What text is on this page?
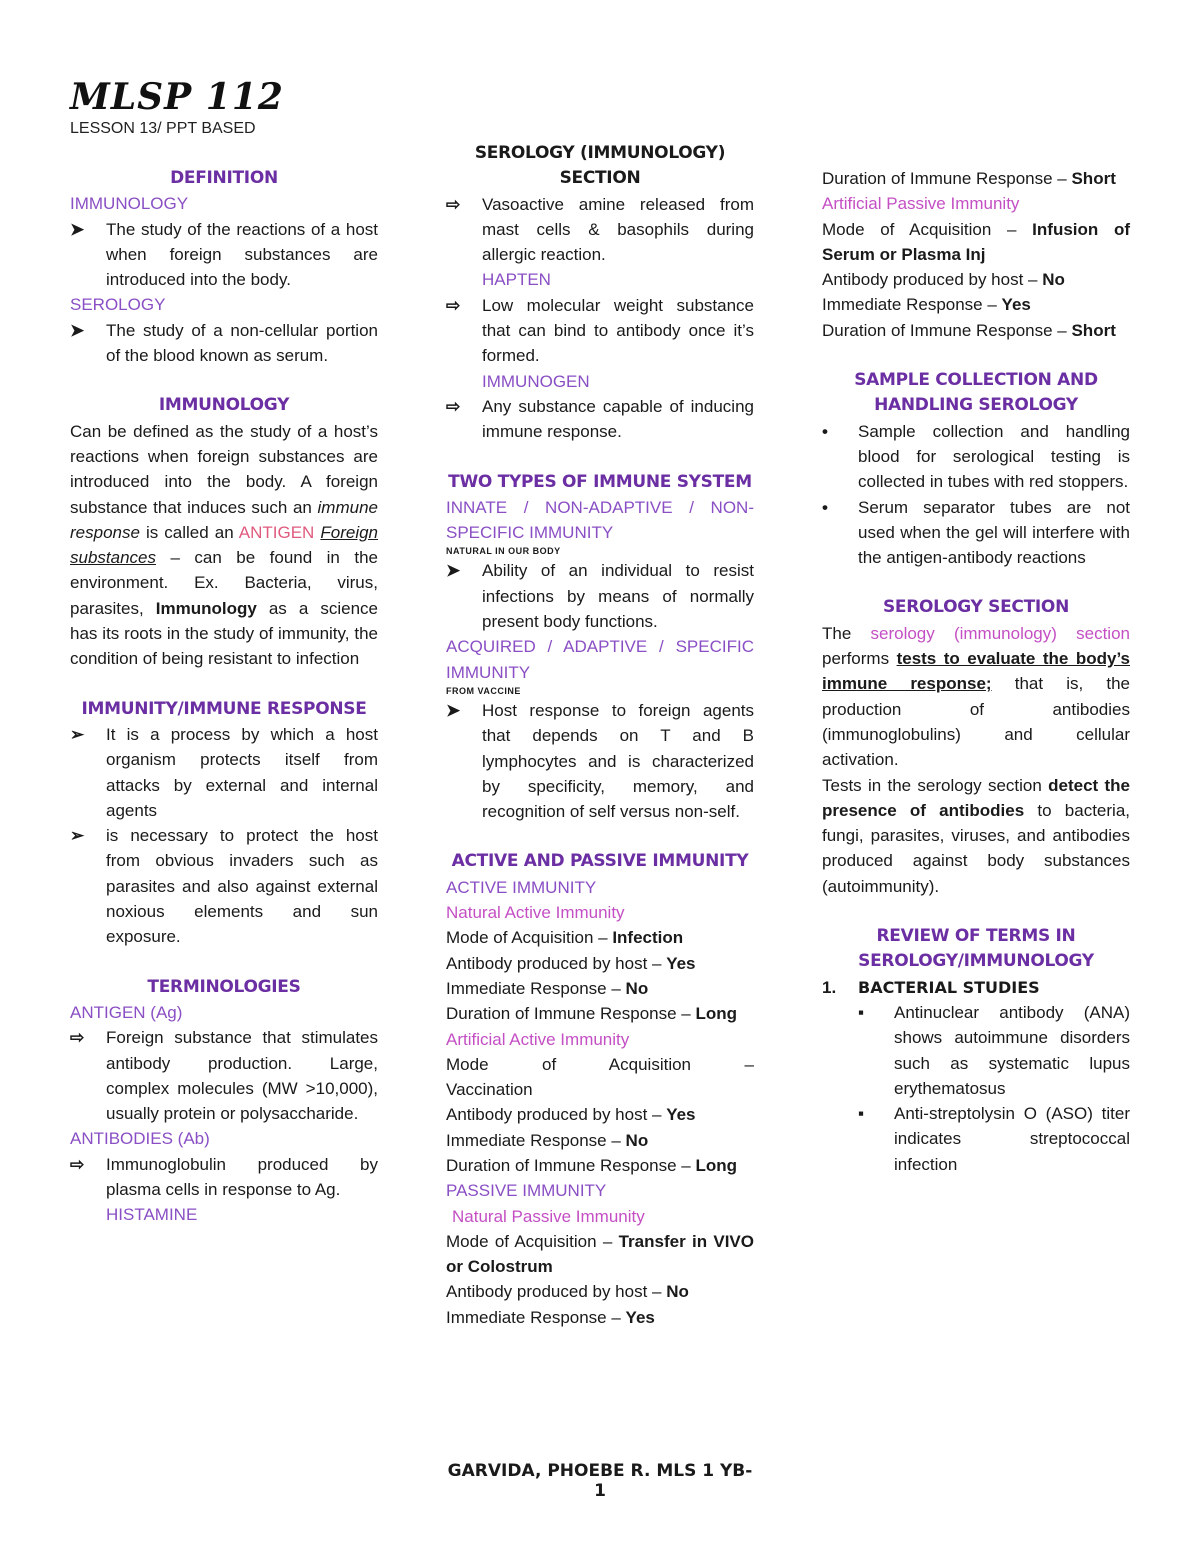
MLSP 112
LESSON 13/ PPT BASED
DEFINITION
IMMUNOLOGY
➤	The study of the reactions of a host when foreign substances are introduced into the body.
SEROLOGY
➤	The study of a non-cellular portion of the blood known as serum.
IMMUNOLOGY
Can be defined as the study of a host’s reactions when foreign substances are introduced into the body. A foreign substance that induces such an immune response is called an ANTIGEN Foreign substances – can be found in the environment. Ex. Bacteria, virus, parasites, Immunology as a science has its roots in the study of immunity, the condition of being resistant to infection
IMMUNITY/IMMUNE RESPONSE
➢	It is a process by which a host organism protects itself from attacks by external and internal agents
➢	is necessary to protect the host from obvious invaders such as parasites and also against external noxious elements and sun exposure.
TERMINOLOGIES
ANTIGEN (Ag)
⇨	Foreign substance that stimulates antibody production. Large, complex molecules (MW >10,000), usually protein or polysaccharide.
ANTIBODIES (Ab)
⇨	Immunoglobulin produced by plasma cells in response to Ag.
HISTAMINE
SEROLOGY (IMMUNOLOGY) SECTION
⇨	Vasoactive amine released from mast cells & basophils during allergic reaction.
HAPTEN
⇨	Low molecular weight substance that can bind to antibody once it’s formed.
IMMUNOGEN
⇨	Any substance capable of inducing immune response.
TWO TYPES OF IMMUNE SYSTEM
INNATE / NON-ADAPTIVE / NON-SPECIFIC IMMUNITY
NATURAL IN OUR BODY
➤	Ability of an individual to resist infections by means of normally present body functions.
ACQUIRED / ADAPTIVE / SPECIFIC IMMUNITY
FROM VACCINE
➤	Host response to foreign agents that depends on T and B lymphocytes and is characterized by specificity, memory, and recognition of self versus non-self.
ACTIVE AND PASSIVE IMMUNITY
ACTIVE IMMUNITY
Natural Active Immunity
Mode of Acquisition – Infection
Antibody produced by host – Yes
Immediate Response – No
Duration of Immune Response – Long
Artificial Active Immunity
Mode of Acquisition – Vaccination
Antibody produced by host – Yes
Immediate Response – No
Duration of Immune Response – Long
PASSIVE IMMUNITY
Natural Passive Immunity
Mode of Acquisition – Transfer in VIVO or Colostrum
Antibody produced by host – No
Immediate Response – Yes
Duration of Immune Response – Short
Artificial Passive Immunity
Mode of Acquisition – Infusion of Serum or Plasma Inj
Antibody produced by host – No
Immediate Response – Yes
Duration of Immune Response – Short
SAMPLE COLLECTION AND HANDLING SEROLOGY
•	Sample collection and handling blood for serological testing is collected in tubes with red stoppers.
•	Serum separator tubes are not used when the gel will interfere with the antigen-antibody reactions
SEROLOGY SECTION
The serology (immunology) section performs tests to evaluate the body’s immune response; that is, the production of antibodies (immunoglobulins) and cellular activation.
Tests in the serology section detect the presence of antibodies to bacteria, fungi, parasites, viruses, and antibodies produced against body substances (autoimmunity).
REVIEW OF TERMS IN SEROLOGY/IMMUNOLOGY
1.	BACTERIAL STUDIES
▪	Antinuclear antibody (ANA) shows autoimmune disorders such as systematic lupus erythematosus
▪	Anti-streptolysin O (ASO) titer indicates streptococcal infection
GARVIDA, PHOEBE R. MLS 1 YB-1
